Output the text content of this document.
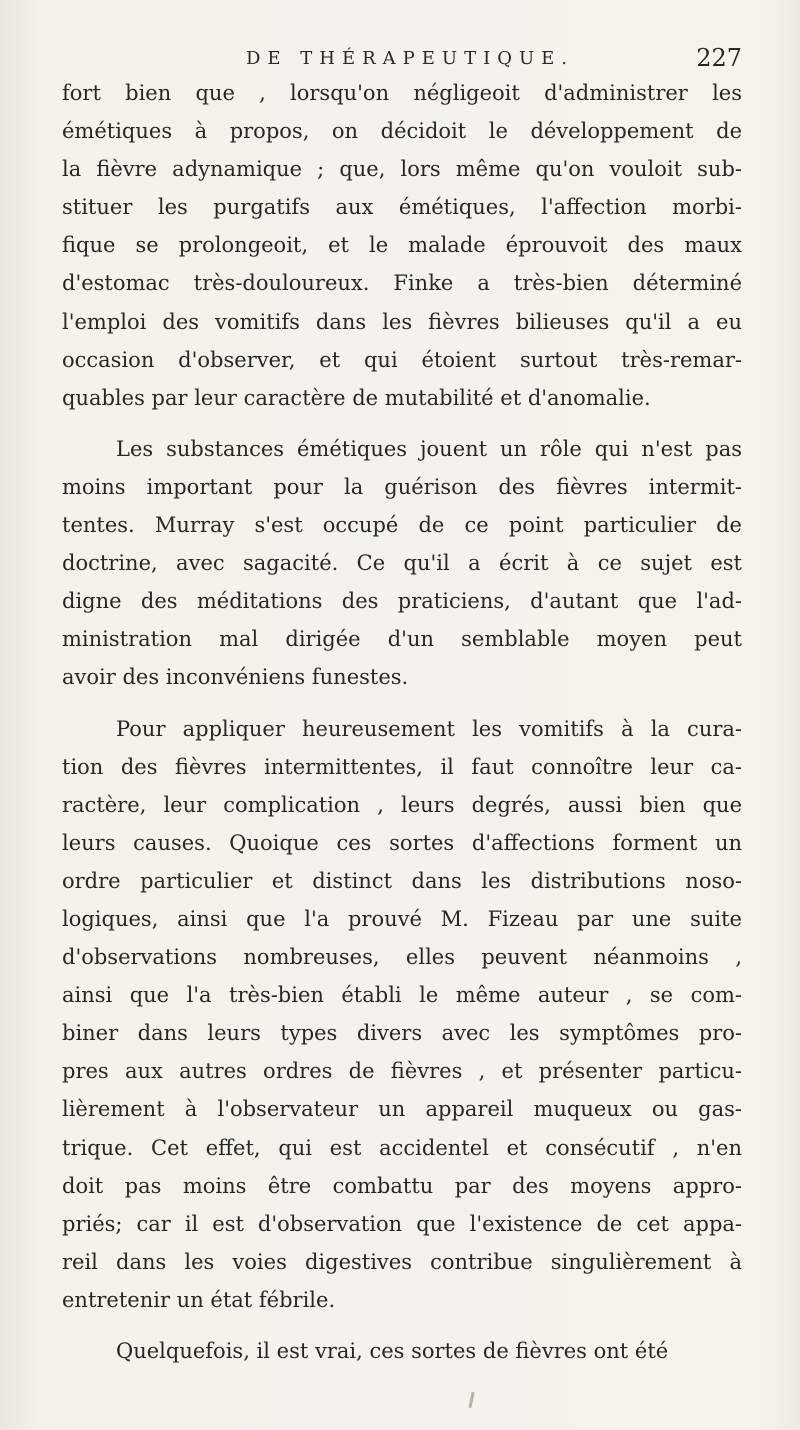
DE THÉRAPEUTIQUE.	227
fort bien que , lorsqu'on négligeoit d'administrer les
émétiques à propos, on décidoit le développement de
la fièvre adynamique ; que, lors même qu'on vouloit sub-
stituer les purgatifs aux émétiques, l'affection morbi-
fique se prolongeoit, et le malade éprouvoit des maux
d'estomac très-douloureux. Finke a très-bien déterminé
l'emploi des vomitifs dans les fièvres bilieuses qu'il a eu
occasion d'observer, et qui étoient surtout très-remar-
quables par leur caractère de mutabilité et d'anomalie.
Les substances émétiques jouent un rôle qui n'est pas
moins important pour la guérison des fièvres intermit-
tentes. Murray s'est occupé de ce point particulier de
doctrine, avec sagacité. Ce qu'il a écrit à ce sujet est
digne des méditations des praticiens, d'autant que l'ad-
ministration mal dirigée d'un semblable moyen peut
avoir des inconvéniens funestes.
Pour appliquer heureusement les vomitifs à la cura-
tion des fièvres intermittentes, il faut connoître leur ca-
ractère, leur complication , leurs degrés, aussi bien que
leurs causes. Quoique ces sortes d'affections forment un
ordre particulier et distinct dans les distributions noso-
logiques, ainsi que l'a prouvé M. Fizeau par une suite
d'observations nombreuses, elles peuvent néanmoins ,
ainsi que l'a très-bien établi le même auteur , se com-
biner dans leurs types divers avec les symptômes pro-
pres aux autres ordres de fièvres , et présenter particu-
lièrement à l'observateur un appareil muqueux ou gas-
trique. Cet effet, qui est accidentel et consécutif , n'en
doit pas moins être combattu par des moyens appro-
priés; car il est d'observation que l'existence de cet appa-
reil dans les voies digestives contribue singulièrement à
entretenir un état fébrile.
Quelquefois, il est vrai, ces sortes de fièvres ont été
